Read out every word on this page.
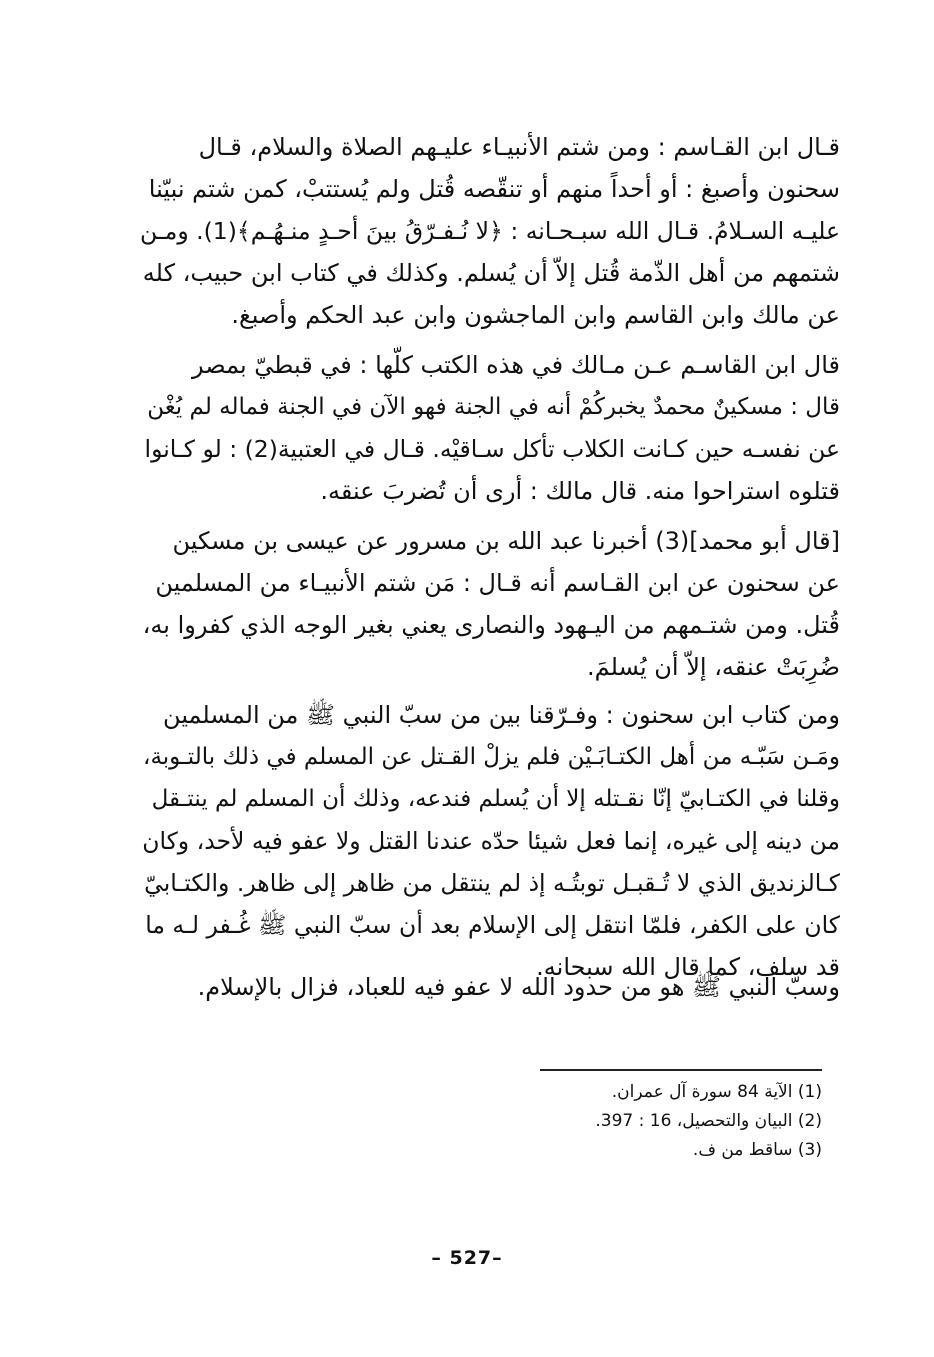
قـال ابن القـاسم : ومن شتم الأنبيـاء عليـهم الصلاة والسلام، قـال
سحنون وأصبغ : أو أحداً منهم أو تنقّصه قُتل ولم يُستتبْ، كمن شتم نبيّنا
عليـه السـلامُ. قـال الله سبـحـانه : ﴿لا نُـفـرّقُ بينَ أحـدٍ منـهُـم﴾(1). ومـن
شتمهم من أهل الذّمة قُتل إلاّ أن يُسلم. وكذلك في كتاب ابن حبيب، كله
عن مالك وابن القاسم وابن الماجشون وابن عبد الحكم وأصبغ.
قال ابن القاسـم عـن مـالك في هذه الكتب كلّها : في قبطيّ بمصر
قال : مسكينٌ محمدٌ يخبركُمْ أنه في الجنة فهو الآن في الجنة فماله لم يُغْن
عن نفسـه حين كـانت الكلاب تأكل سـاقيْه. قـال في العتبية(2) : لو كـانوا
قتلوه استراحوا منه. قال مالك : أرى أن تُضربَ عنقه.
[قال أبو محمد](3) أخبرنا عبد الله بن مسرور عن عيسى بن مسكين
عن سحنون عن ابن القـاسم أنه قـال : مَن شتم الأنبيـاء من المسلمين
قُتل. ومن شتـمهم من اليـهود والنصارى يعني بغير الوجه الذي كفروا به،
ضُرِبَتْ عنقه، إلاّ أن يُسلمَ.
ومن كتاب ابن سحنون : وفـرّقنا بين من سبّ النبي ﷺ من المسلمين
ومَـن سَبّـه من أهل الكتـابَـيْن فلم يزلْ القـتل عن المسلم في ذلك بالتـوبة،
وقلنا في الكتـابيّ إنّا نقـتله إلا أن يُسلم فندعه، وذلك أن المسلم لم ينتـقل
من دينه إلى غيره، إنما فعل شيئا حدّه عندنا القتل ولا عفو فيه لأحد، وكان
كـالزنديق الذي لا تُـقبـل توبتُـه إذ لم ينتقل من ظاهر إلى ظاهر. والكتـابيّ
كان على الكفر، فلمّا انتقل إلى الإسلام بعد أن سبّ النبي ﷺ غُـفر لـه ما
قد سلف، كما قال الله سبحانه.
وسبّ النبي ﷺ هو من حدود الله لا عفو فيه للعباد، فزال بالإسلام.
(1) الآية 84 سورة آل عمران.
(2) البيان والتحصيل، 16 : 397.
(3) ساقط من ف.
– 527–
